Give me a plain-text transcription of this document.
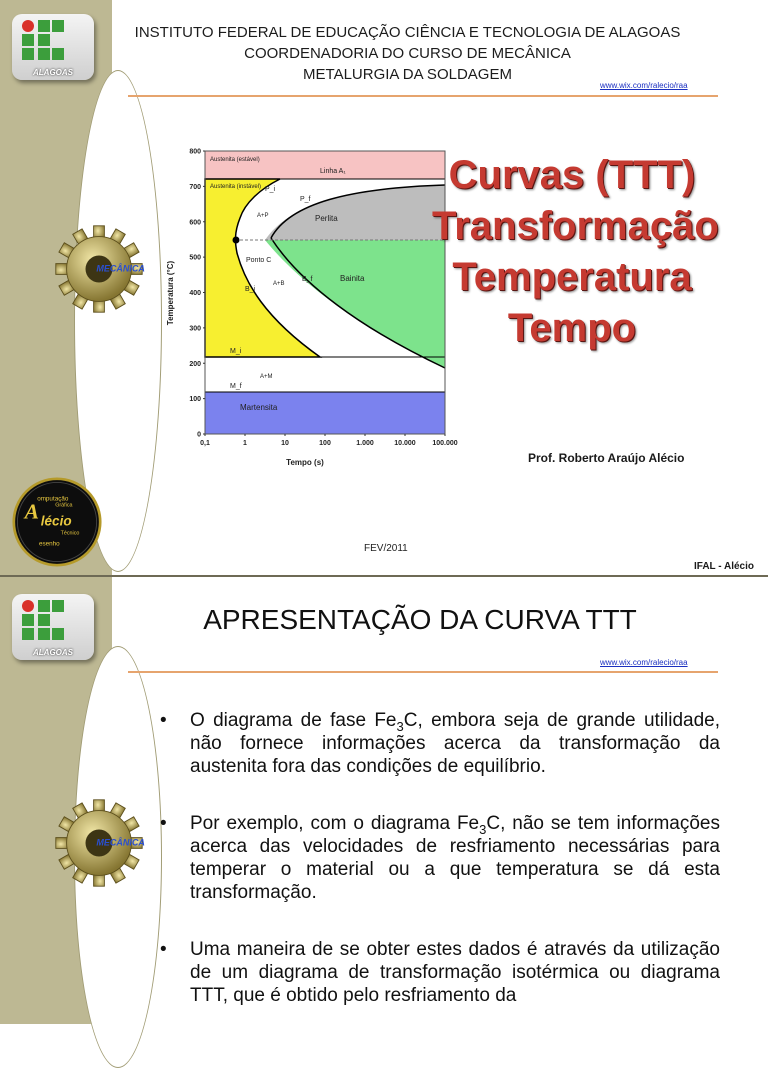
MECÂNICA
ALAGOAS
INSTITUTO FEDERAL DE EDUCAÇÃO CIÊNCIA E TECNOLOGIA DE ALAGOAS
COORDENADORIA DO CURSO DE MECÂNICA
METALURGIA DA SOLDAGEM
www.wix.com/ralecio/raa
Austenita (estável)
Linha A₁
Austenita (instável) P_i
P_f
A+P	Perlita
Ponto C
B_i
B_f
A+B
Bainita
M_i
A+M
M_f
Martensita
0
100
200
300
400
500
600
700
800
0,1	1	10	100	1.000	10.000 100.000
Temperatura (°C)
Tempo (s)
Curvas (TTT)
Transformação
Temperatura
Tempo
Prof. Roberto Araújo Alécio
FEV/2011
IFAL - Alécio
A lécio
omputação
Gráfica
Técnico
esenho
MECÂNICA
ALAGOAS
APRESENTAÇÃO DA CURVA TTT
www.wix.com/ralecio/raa
• O diagrama de fase $Fe_3C$, embora seja de grande utilidade, não fornece informações acerca da transformação da austenita fora das condições de equilíbrio.
• Por exemplo, com o diagrama $Fe_3C$, não se tem informações acerca das velocidades de resfriamento necessárias para temperar o material ou a que temperatura se dá esta transformação.
• Uma maneira de se obter estes dados é através da utilização de um diagrama de transformação isotérmica ou diagrama TTT, que é obtido pelo resfriamento da
